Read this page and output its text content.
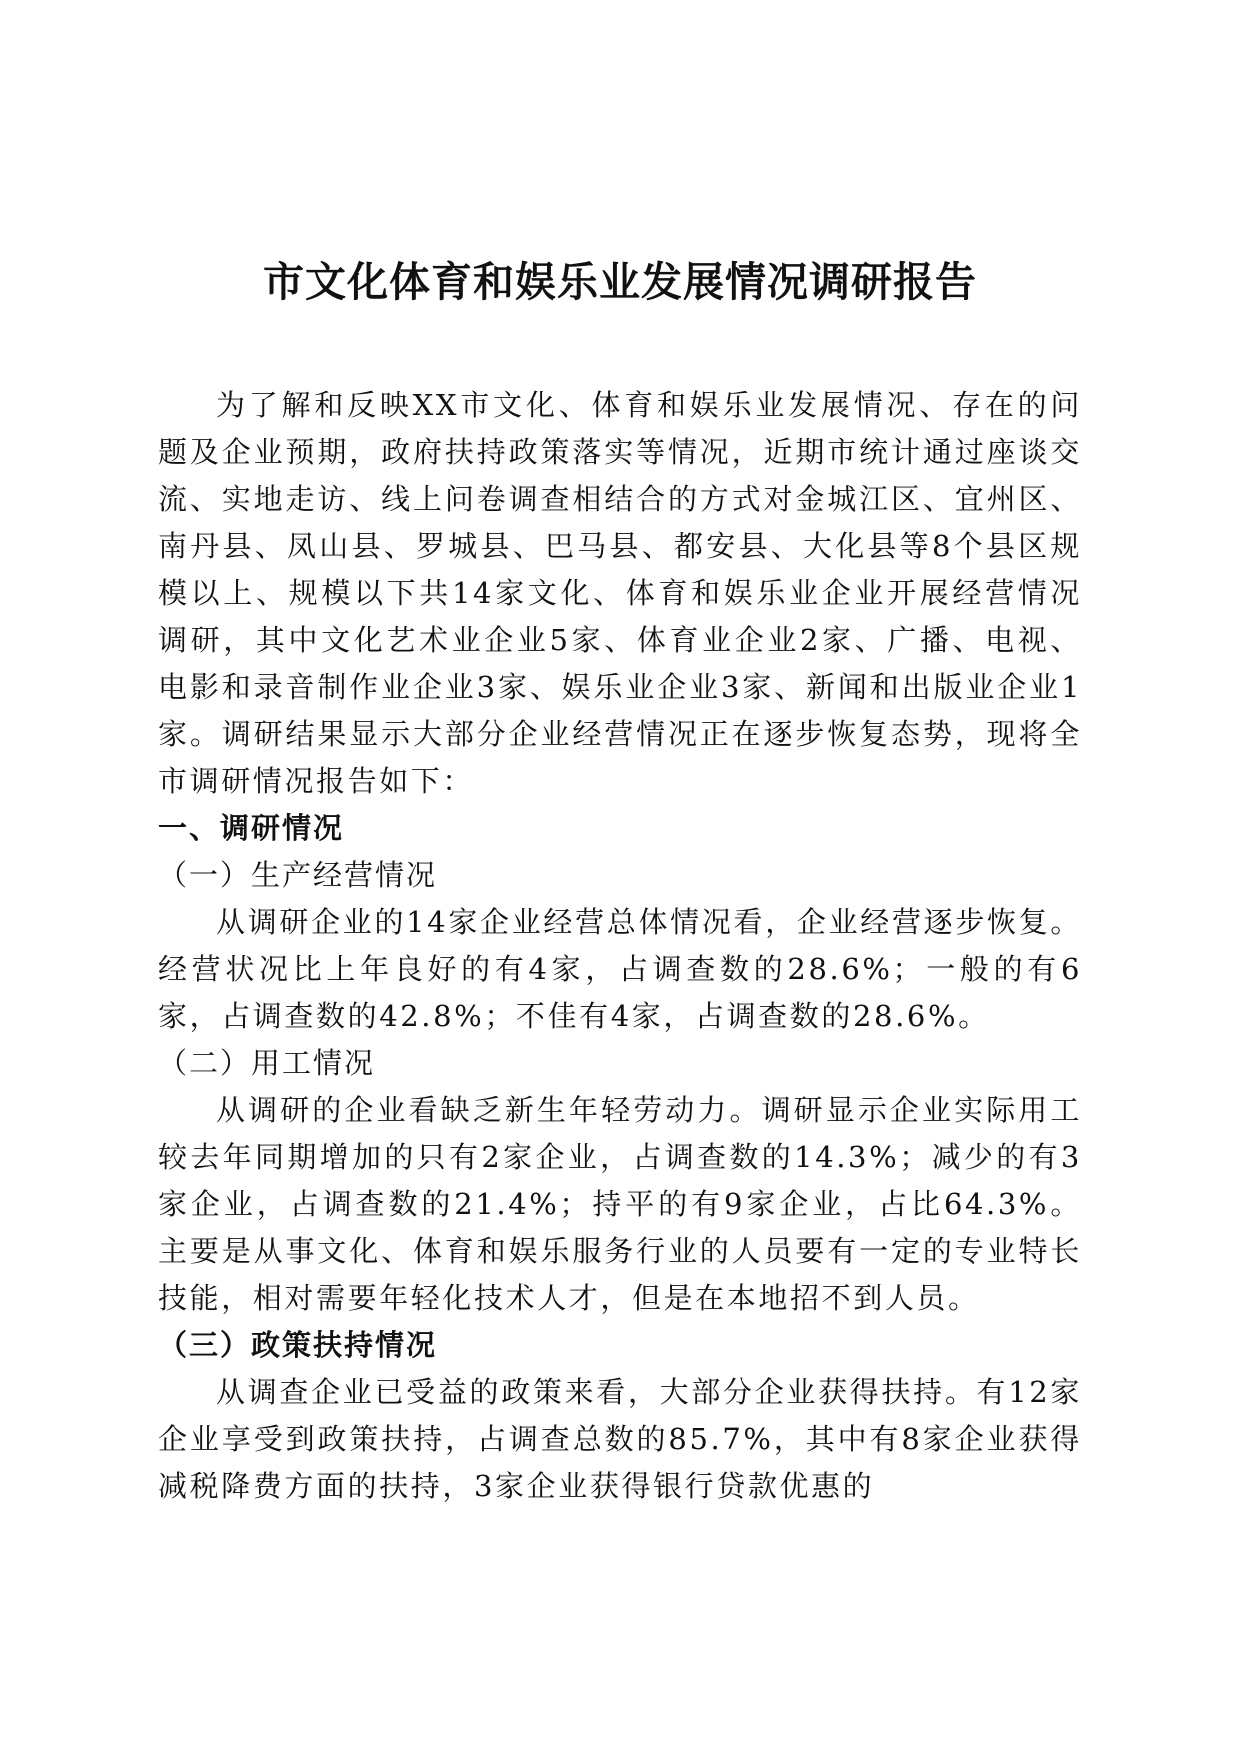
市文化体育和娱乐业发展情况调研报告

为了解和反映XX市文化、体育和娱乐业发展情况、存在的问题及企业预期，政府扶持政策落实等情况，近期市统计通过座谈交流、实地走访、线上问卷调查相结合的方式对金城江区、宜州区、南丹县、凤山县、罗城县、巴马县、都安县、大化县等8个县区规模以上、规模以下共14家文化、体育和娱乐业企业开展经营情况调研，其中文化艺术业企业5家、体育业企业2家、广播、电视、电影和录音制作业企业3家、娱乐业企业3家、新闻和出版业企业1家。调研结果显示大部分企业经营情况正在逐步恢复态势，现将全市调研情况报告如下：

一、调研情况

（一）生产经营情况

从调研企业的14家企业经营总体情况看，企业经营逐步恢复。经营状况比上年良好的有4家，占调查数的28.6%；一般的有6家，占调查数的42.8%；不佳有4家，占调查数的28.6%。

（二）用工情况

从调研的企业看缺乏新生年轻劳动力。调研显示企业实际用工较去年同期增加的只有2家企业，占调查数的14.3%；减少的有3家企业，占调查数的21.4%；持平的有9家企业，占比64.3%。主要是从事文化、体育和娱乐服务行业的人员要有一定的专业特长技能，相对需要年轻化技术人才，但是在本地招不到人员。

（三）政策扶持情况

从调查企业已受益的政策来看，大部分企业获得扶持。有12家企业享受到政策扶持，占调查总数的85.7%，其中有8家企业获得减税降费方面的扶持，3家企业获得银行贷款优惠的
